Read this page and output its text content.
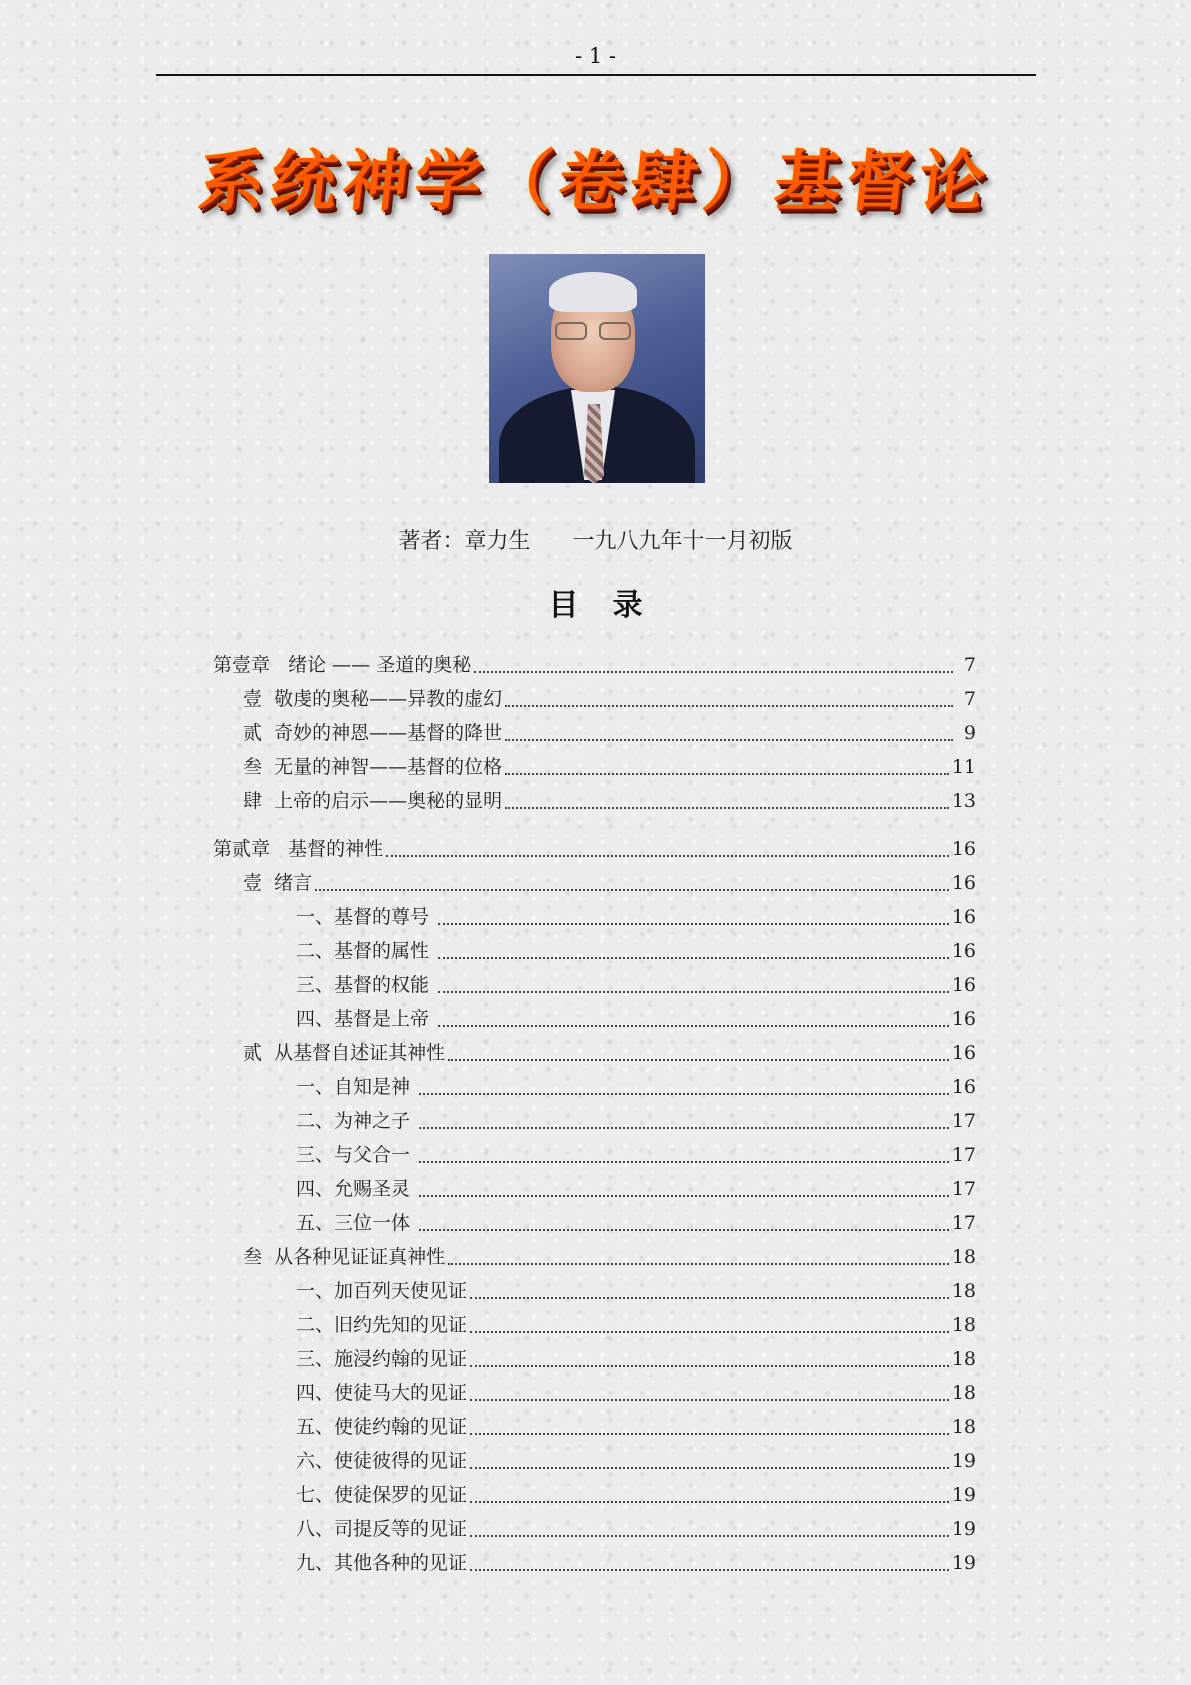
- 1 -
系统神学（卷肆）基督论
著者：章力生      一九八九年十一月初版
目录
第壹章   绪论 —— 圣道的奥秘	7
壹  敬虔的奥秘——异教的虚幻	7
贰  奇妙的神恩——基督的降世	9
叁  无量的神智——基督的位格	11
肆  上帝的启示——奥秘的显明	13
第贰章   基督的神性	16
壹  绪言	16
一、基督的尊号	16
二、基督的属性	16
三、基督的权能	16
四、基督是上帝	16
贰  从基督自述证其神性	16
一、自知是神	16
二、为神之子	17
三、与父合一	17
四、允赐圣灵	17
五、三位一体	17
叁  从各种见证证真神性	18
一、加百列天使见证	18
二、旧约先知的见证	18
三、施浸约翰的见证	18
四、使徒马大的见证	18
五、使徒约翰的见证	18
六、使徒彼得的见证	19
七、使徒保罗的见证	19
八、司提反等的见证	19
九、其他各种的见证	19
